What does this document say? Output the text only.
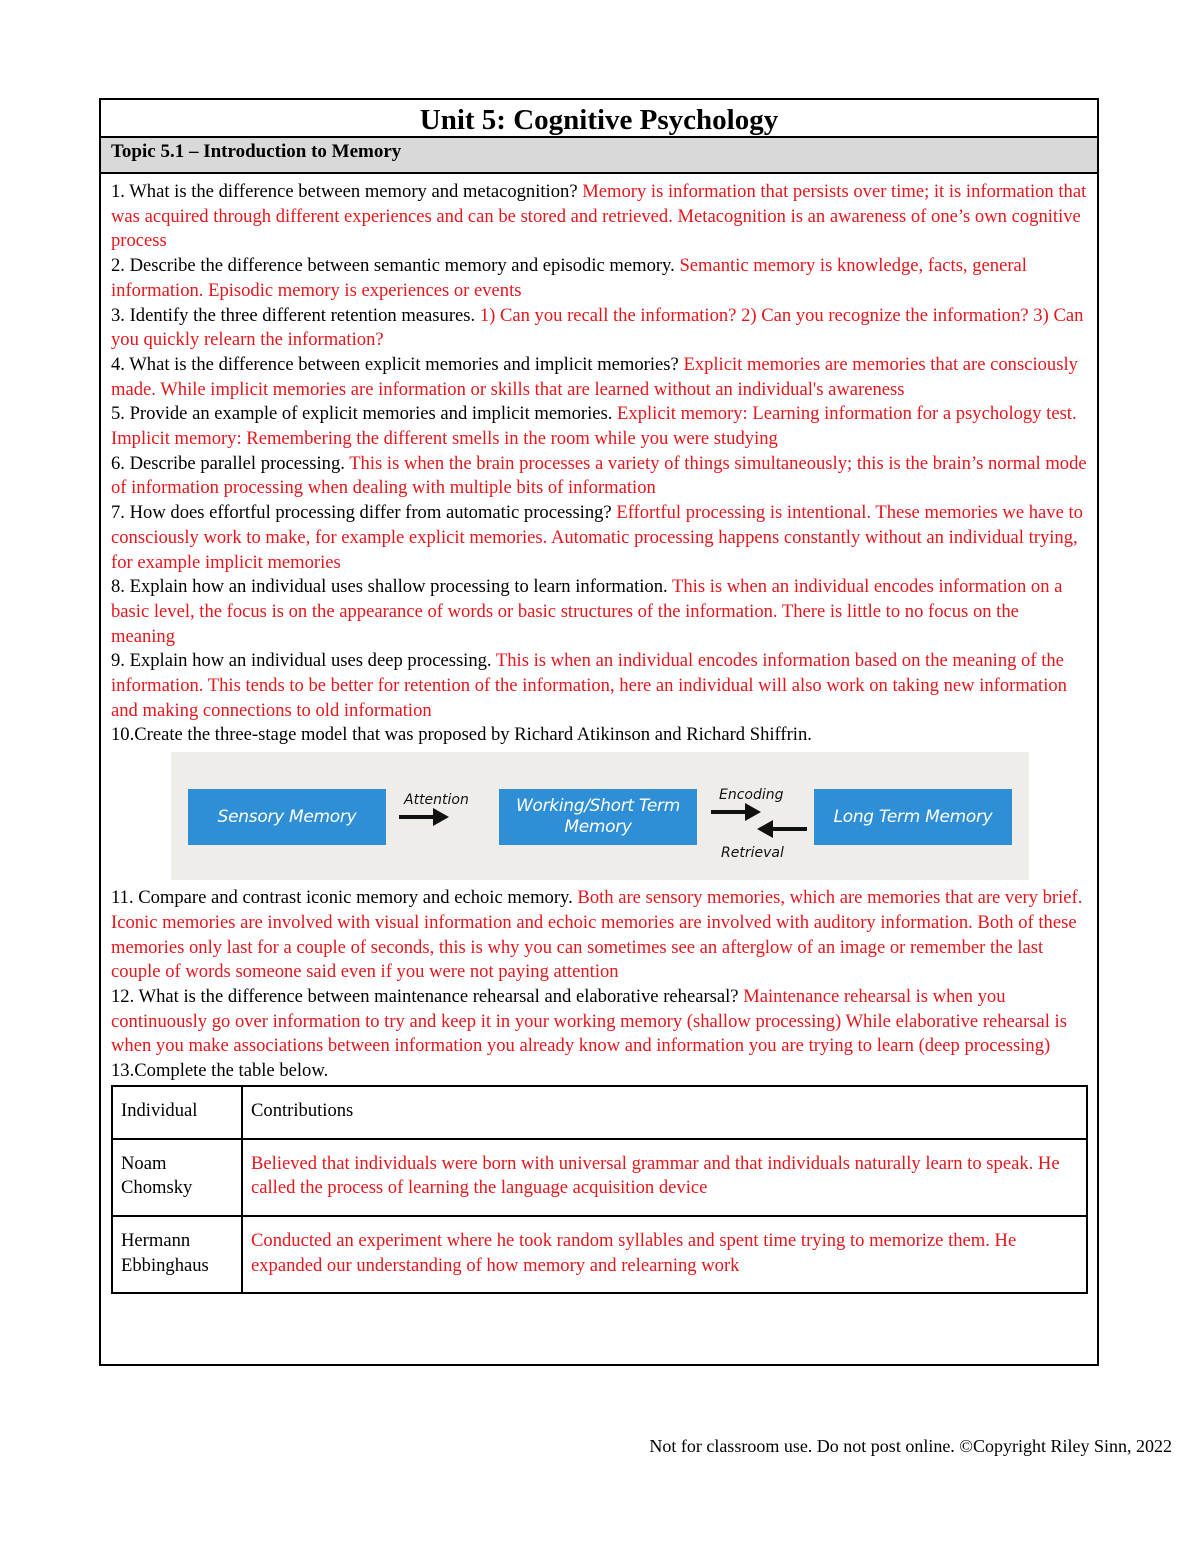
Unit 5: Cognitive Psychology
Topic 5.1 – Introduction to Memory

1. What is the difference between memory and metacognition? Memory is information that persists over time; it is information that was acquired through different experiences and can be stored and retrieved. Metacognition is an awareness of one’s own cognitive process

2. Describe the difference between semantic memory and episodic memory. Semantic memory is knowledge, facts, general information. Episodic memory is experiences or events

3. Identify the three different retention measures. 1) Can you recall the information? 2) Can you recognize the information? 3) Can you quickly relearn the information?

4. What is the difference between explicit memories and implicit memories? Explicit memories are memories that are consciously made. While implicit memories are information or skills that are learned without an individual's awareness

5. Provide an example of explicit memories and implicit memories. Explicit memory: Learning information for a psychology test. Implicit memory: Remembering the different smells in the room while you were studying

6. Describe parallel processing. This is when the brain processes a variety of things simultaneously; this is the brain’s normal mode of information processing when dealing with multiple bits of information

7. How does effortful processing differ from automatic processing? Effortful processing is intentional. These memories we have to consciously work to make, for example explicit memories. Automatic processing happens constantly without an individual trying, for example implicit memories

8. Explain how an individual uses shallow processing to learn information. This is when an individual encodes information on a basic level, the focus is on the appearance of words or basic structures of the information. There is little to no focus on the meaning

9. Explain how an individual uses deep processing. This is when an individual encodes information based on the meaning of the information. This tends to be better for retention of the information, here an individual will also work on taking new information and making connections to old information

10.Create the three-stage model that was proposed by Richard Atikinson and Richard Shiffrin.

Sensory Memory
Attention	Working/Short Term Memory
Encoding
Retrieval
Long Term Memory

11. Compare and contrast iconic memory and echoic memory. Both are sensory memories, which are memories that are very brief. Iconic memories are involved with visual information and echoic memories are involved with auditory information. Both of these memories only last for a couple of seconds, this is why you can sometimes see an afterglow of an image or remember the last couple of words someone said even if you were not paying attention

12. What is the difference between maintenance rehearsal and elaborative rehearsal? Maintenance rehearsal is when you continuously go over information to try and keep it in your working memory (shallow processing) While elaborative rehearsal is when you make associations between information you already know and information you are trying to learn (deep processing)

13.Complete the table below.

Individual	Contributions
Noam Chomsky	Believed that individuals were born with universal grammar and that individuals naturally learn to speak. He called the process of learning the language acquisition device
Hermann Ebbinghaus	Conducted an experiment where he took random syllables and spent time trying to memorize them. He expanded our understanding of how memory and relearning work
Not for classroom use. Do not post online. ©Copyright Riley Sinn, 2022
